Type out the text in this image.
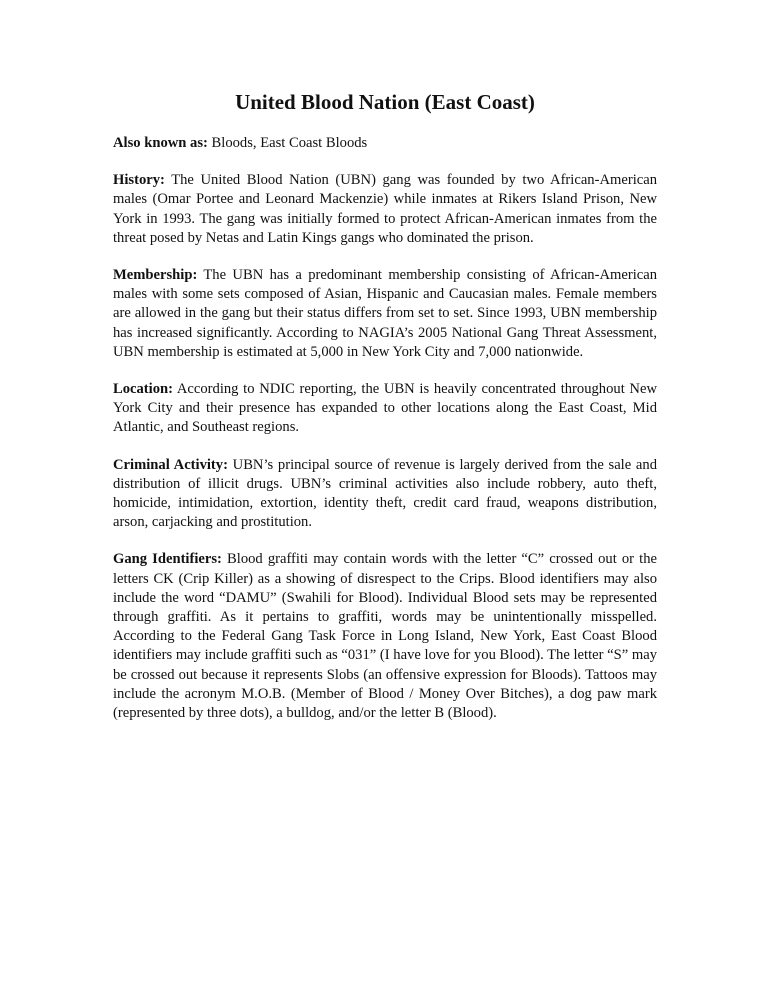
United Blood Nation (East Coast)

Also known as: Bloods, East Coast Bloods

History: The United Blood Nation (UBN) gang was founded by two African-American males (Omar Portee and Leonard Mackenzie) while inmates at Rikers Island Prison, New York in 1993. The gang was initially formed to protect African-American inmates from the threat posed by Netas and Latin Kings gangs who dominated the prison.

Membership: The UBN has a predominant membership consisting of African-American males with some sets composed of Asian, Hispanic and Caucasian males. Female members are allowed in the gang but their status differs from set to set. Since 1993, UBN membership has increased significantly. According to NAGIA’s 2005 National Gang Threat Assessment, UBN membership is estimated at 5,000 in New York City and 7,000 nationwide.

Location: According to NDIC reporting, the UBN is heavily concentrated throughout New York City and their presence has expanded to other locations along the East Coast, Mid Atlantic, and Southeast regions.

Criminal Activity: UBN’s principal source of revenue is largely derived from the sale and distribution of illicit drugs. UBN’s criminal activities also include robbery, auto theft, homicide, intimidation, extortion, identity theft, credit card fraud, weapons distribution, arson, carjacking and prostitution.

Gang Identifiers: Blood graffiti may contain words with the letter “C” crossed out or the letters CK (Crip Killer) as a showing of disrespect to the Crips. Blood identifiers may also include the word “DAMU” (Swahili for Blood). Individual Blood sets may be represented through graffiti. As it pertains to graffiti, words may be unintentionally misspelled. According to the Federal Gang Task Force in Long Island, New York, East Coast Blood identifiers may include graffiti such as “031” (I have love for you Blood). The letter “S” may be crossed out because it represents Slobs (an offensive expression for Bloods). Tattoos may include the acronym M.O.B. (Member of Blood / Money Over Bitches), a dog paw mark (represented by three dots), a bulldog, and/or the letter B (Blood).
